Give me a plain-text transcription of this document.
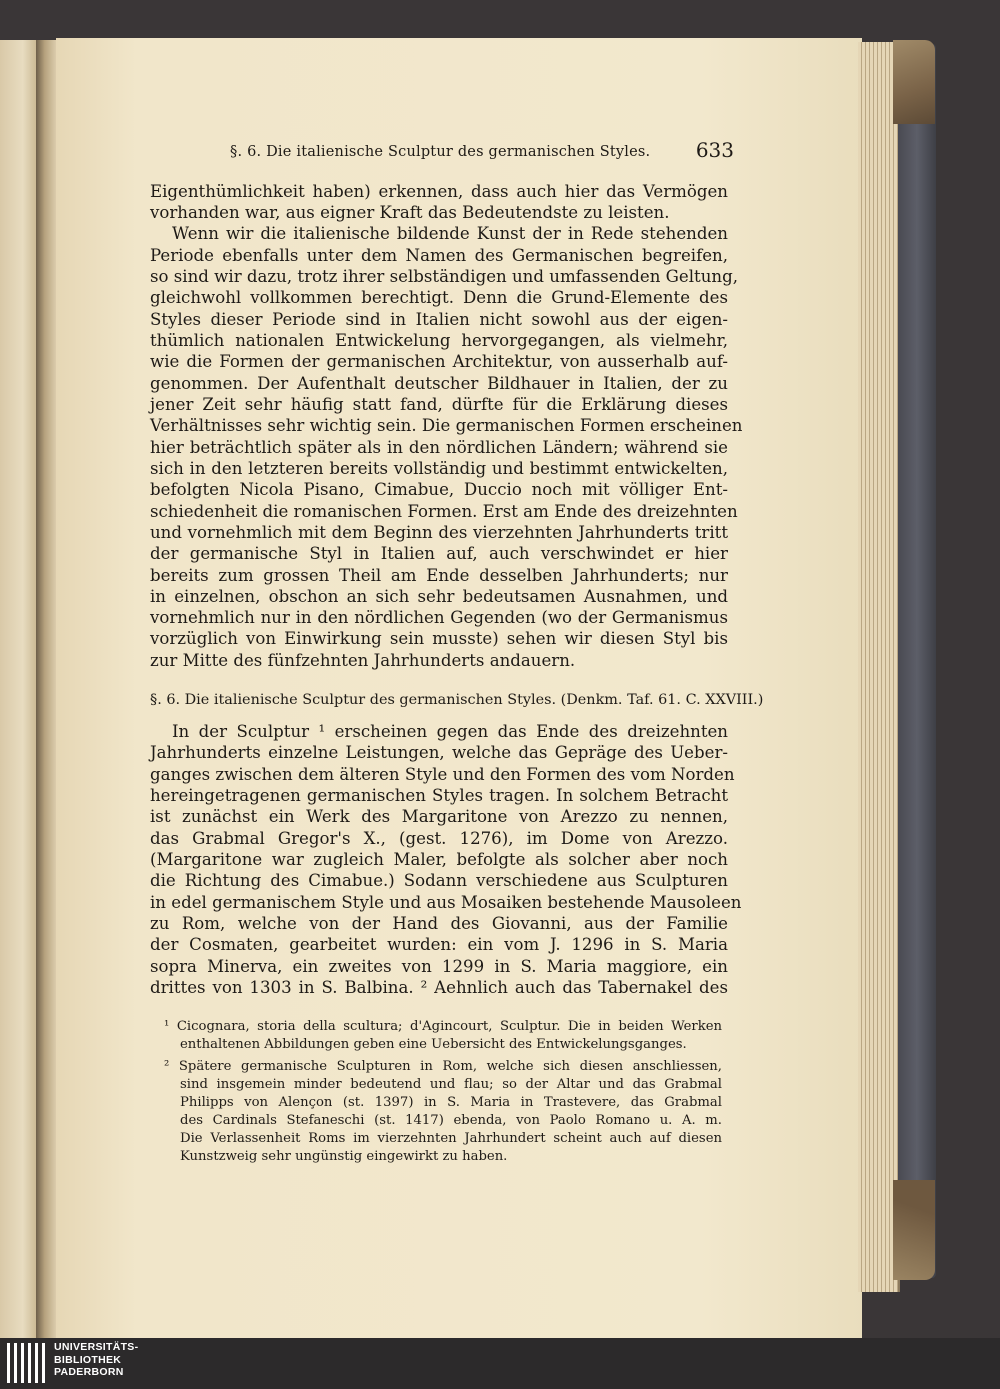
§. 6. Die italienische Sculptur des germanischen Styles.	633
Eigenthümlichkeit haben) erkennen, dass auch hier das Vermögen
vorhanden war, aus eigner Kraft das Bedeutendste zu leisten.
Wenn wir die italienische bildende Kunst der in Rede stehenden
Periode ebenfalls unter dem Namen des Germanischen begreifen,
so sind wir dazu, trotz ihrer selbständigen und umfassenden Geltung,
gleichwohl vollkommen berechtigt. Denn die Grund-Elemente des
Styles dieser Periode sind in Italien nicht sowohl aus der eigen-
thümlich nationalen Entwickelung hervorgegangen, als vielmehr,
wie die Formen der germanischen Architektur, von ausserhalb auf-
genommen. Der Aufenthalt deutscher Bildhauer in Italien, der zu
jener Zeit sehr häufig statt fand, dürfte für die Erklärung dieses
Verhältnisses sehr wichtig sein. Die germanischen Formen erscheinen
hier beträchtlich später als in den nördlichen Ländern; während sie
sich in den letzteren bereits vollständig und bestimmt entwickelten,
befolgten Nicola Pisano, Cimabue, Duccio noch mit völliger Ent-
schiedenheit die romanischen Formen. Erst am Ende des dreizehnten
und vornehmlich mit dem Beginn des vierzehnten Jahrhunderts tritt
der germanische Styl in Italien auf, auch verschwindet er hier
bereits zum grossen Theil am Ende desselben Jahrhunderts; nur
in einzelnen, obschon an sich sehr bedeutsamen Ausnahmen, und
vornehmlich nur in den nördlichen Gegenden (wo der Germanismus
vorzüglich von Einwirkung sein musste) sehen wir diesen Styl bis
zur Mitte des fünfzehnten Jahrhunderts andauern.
§. 6. Die italienische Sculptur des germanischen Styles. (Denkm. Taf. 61. C. XXVIII.)
In der Sculptur ¹ erscheinen gegen das Ende des dreizehnten
Jahrhunderts einzelne Leistungen, welche das Gepräge des Ueber-
ganges zwischen dem älteren Style und den Formen des vom Norden
hereingetragenen germanischen Styles tragen. In solchem Betracht
ist zunächst ein Werk des Margaritone von Arezzo zu nennen,
das Grabmal Gregor's X., (gest. 1276), im Dome von Arezzo.
(Margaritone war zugleich Maler, befolgte als solcher aber noch
die Richtung des Cimabue.) Sodann verschiedene aus Sculpturen
in edel germanischem Style und aus Mosaiken bestehende Mausoleen
zu Rom, welche von der Hand des Giovanni, aus der Familie
der Cosmaten, gearbeitet wurden: ein vom J. 1296 in S. Maria
sopra Minerva, ein zweites von 1299 in S. Maria maggiore, ein
drittes von 1303 in S. Balbina. ² Aehnlich auch das Tabernakel des
¹ Cicognara, storia della scultura; d'Agincourt, Sculptur. Die in beiden Werken
enthaltenen Abbildungen geben eine Uebersicht des Entwickelungsganges.
² Spätere germanische Sculpturen in Rom, welche sich diesen anschliessen,
sind insgemein minder bedeutend und flau; so der Altar und das Grabmal
Philipps von Alençon (st. 1397) in S. Maria in Trastevere, das Grabmal
des Cardinals Stefaneschi (st. 1417) ebenda, von Paolo Romano u. A. m.
Die Verlassenheit Roms im vierzehnten Jahrhundert scheint auch auf diesen
Kunstzweig sehr ungünstig eingewirkt zu haben.
UNIVERSITÄTS-
BIBLIOTHEK
PADERBORN
